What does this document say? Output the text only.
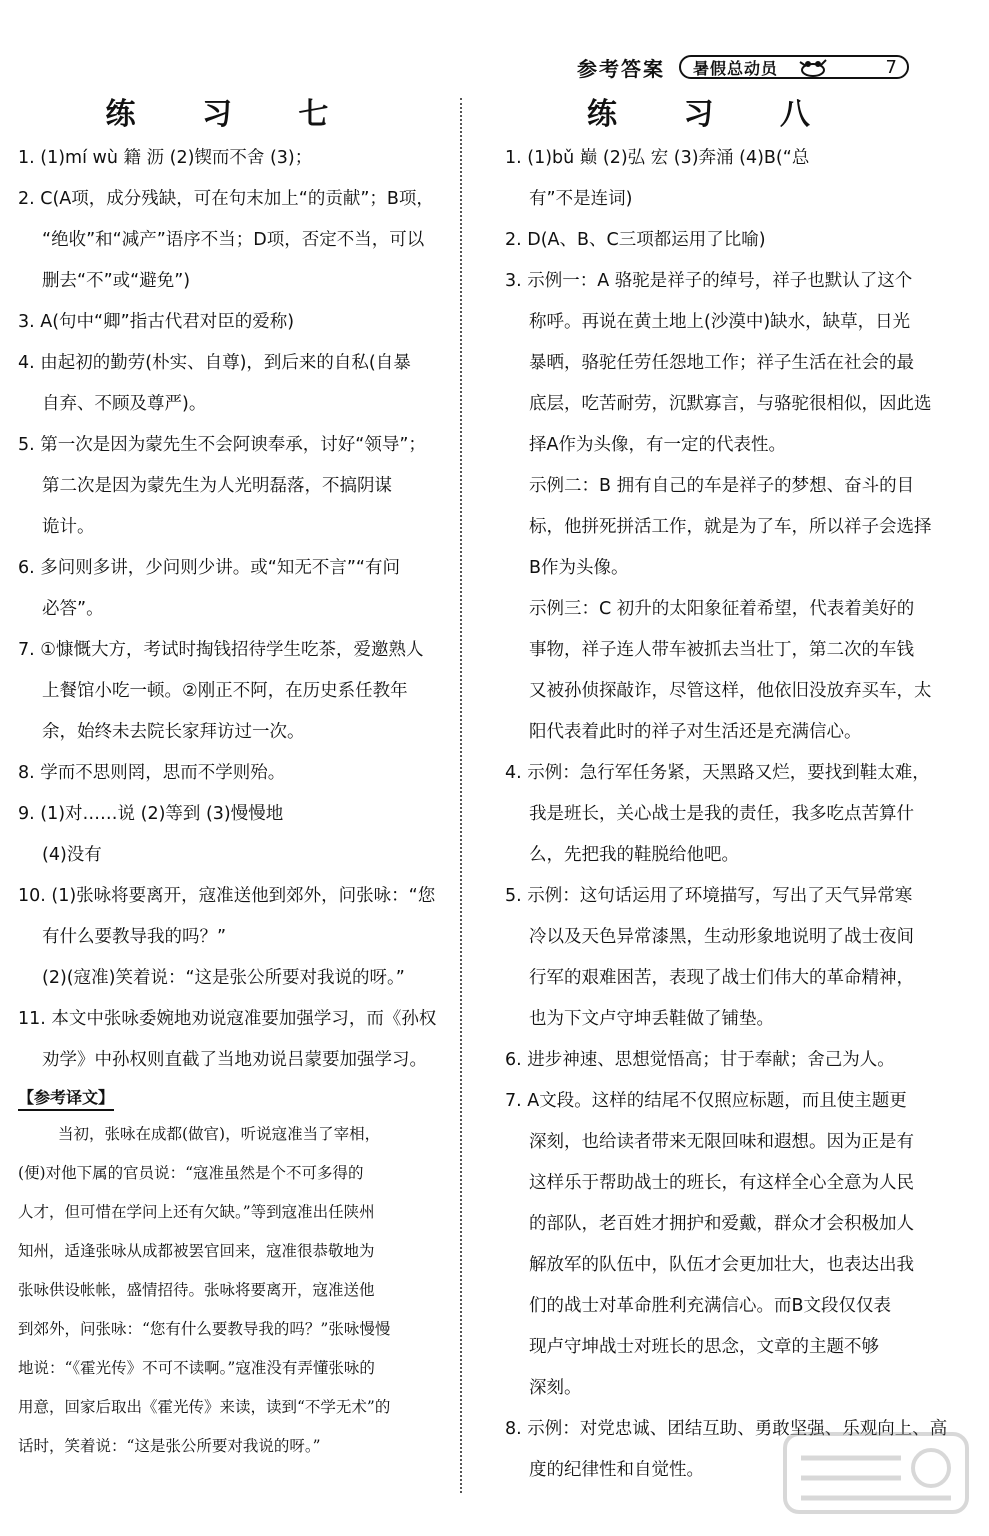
参考答案 暑假总动员	7
练 习 七
1. (1)mí wù 籍 沥 (2)锲而不舍 (3)；
2. C(A项，成分残缺，可在句末加上“的贡献”；B项，
“绝收”和“减产”语序不当；D项，否定不当，可以
删去“不”或“避免”)
3. A(句中“卿”指古代君对臣的爱称)
4. 由起初的勤劳(朴实、自尊)，到后来的自私(自暴
自弃、不顾及尊严)。
5. 第一次是因为蒙先生不会阿谀奉承，讨好“领导”；
第二次是因为蒙先生为人光明磊落，不搞阴谋
诡计。
6. 多问则多讲，少问则少讲。或“知无不言”“有问
必答”。
7. ①慷慨大方，考试时掏钱招待学生吃茶，爱邀熟人
上餐馆小吃一顿。②刚正不阿，在历史系任教年
余，始终未去院长家拜访过一次。
8. 学而不思则罔，思而不学则殆。
9. (1)对……说 (2)等到 (3)慢慢地
(4)没有
10. (1)张咏将要离开，寇准送他到郊外，问张咏：“您
有什么要教导我的吗？”
(2)(寇准)笑着说：“这是张公所要对我说的呀。”
11. 本文中张咏委婉地劝说寇准要加强学习，而《孙权
劝学》中孙权则直截了当地劝说吕蒙要加强学习。
【参考译文】
当初，张咏在成都(做官)，听说寇准当了宰相，
(便)对他下属的官员说：“寇准虽然是个不可多得的
人才，但可惜在学问上还有欠缺。”等到寇准出任陕州
知州，适逢张咏从成都被罢官回来，寇准很恭敬地为
张咏供设帐帐，盛情招待。张咏将要离开，寇准送他
到郊外，问张咏：“您有什么要教导我的吗？”张咏慢慢
地说：“《霍光传》不可不读啊。”寇准没有弄懂张咏的
用意，回家后取出《霍光传》来读，读到“不学无术”的
话时，笑着说：“这是张公所要对我说的呀。”
练 习 八
1. (1)bǔ 巅 (2)弘 宏 (3)奔涌 (4)B(“总
有”不是连词)
2. D(A、B、C三项都运用了比喻)
3. 示例一：A 骆驼是祥子的绰号，祥子也默认了这个
称呼。再说在黄土地上(沙漠中)缺水，缺草，日光
暴晒，骆驼任劳任怨地工作；祥子生活在社会的最
底层，吃苦耐劳，沉默寡言，与骆驼很相似，因此选
择A作为头像，有一定的代表性。
示例二：B 拥有自己的车是祥子的梦想、奋斗的目
标，他拼死拼活工作，就是为了车，所以祥子会选择
B作为头像。
示例三：C 初升的太阳象征着希望，代表着美好的
事物，祥子连人带车被抓去当壮丁，第二次的车钱
又被孙侦探敲诈，尽管这样，他依旧没放弃买车，太
阳代表着此时的祥子对生活还是充满信心。
4. 示例：急行军任务紧，天黑路又烂，要找到鞋太难，
我是班长，关心战士是我的责任，我多吃点苦算什
么，先把我的鞋脱给他吧。
5. 示例：这句话运用了环境描写，写出了天气异常寒
冷以及天色异常漆黑，生动形象地说明了战士夜间
行军的艰难困苦，表现了战士们伟大的革命精神，
也为下文卢守坤丢鞋做了铺垫。
6. 进步神速、思想觉悟高；甘于奉献；舍己为人。
7. A文段。这样的结尾不仅照应标题，而且使主题更
深刻，也给读者带来无限回味和遐想。因为正是有
这样乐于帮助战士的班长，有这样全心全意为人民
的部队，老百姓才拥护和爱戴，群众才会积极加人
解放军的队伍中，队伍才会更加壮大，也表达出我
们的战士对革命胜利充满信心。而B文段仅仅表
现卢守坤战士对班长的思念，文章的主题不够
深刻。
8. 示例：对党忠诚、团结互助、勇敢坚强、乐观向上、高
度的纪律性和自觉性。
